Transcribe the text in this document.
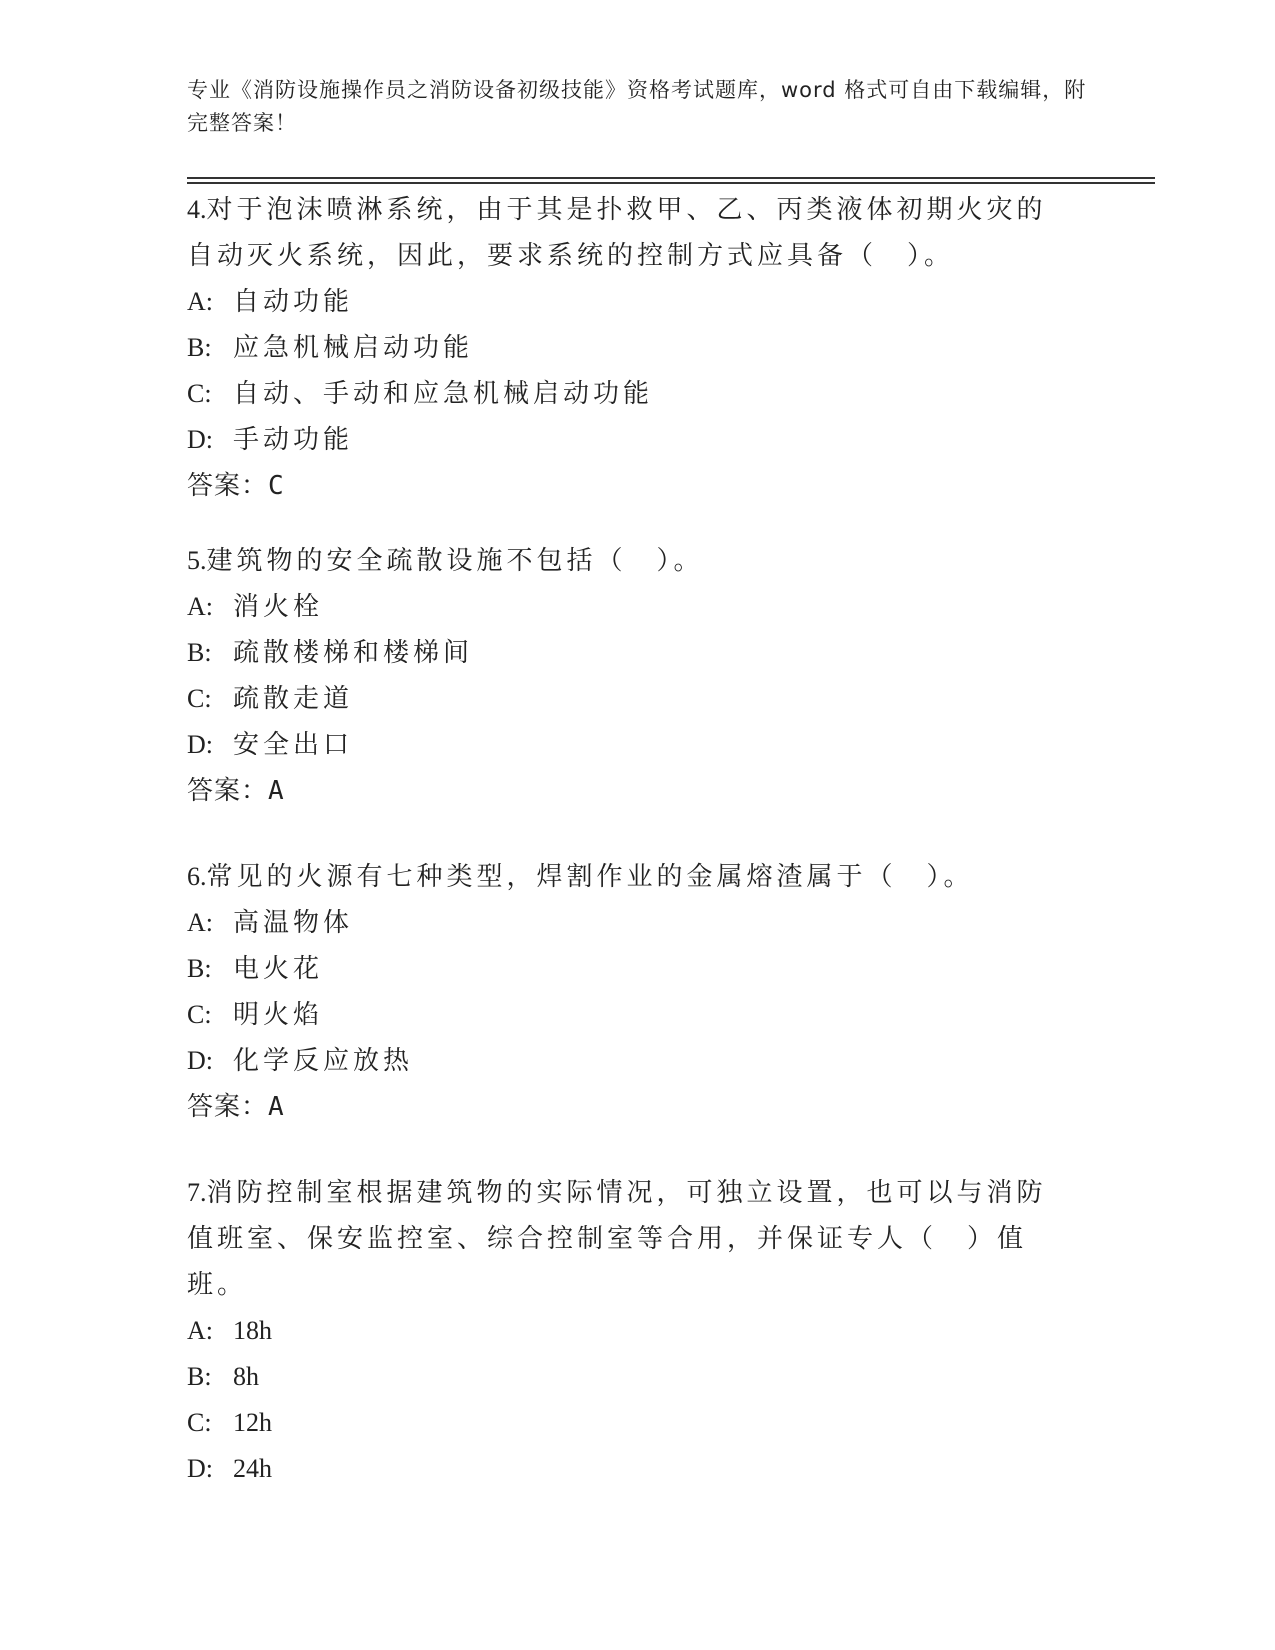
专业《消防设施操作员之消防设备初级技能》资格考试题库，word 格式可自由下载编辑，附完整答案！

4.对于泡沫喷淋系统，由于其是扑救甲、乙、丙类液体初期火灾的自动灭火系统，因此，要求系统的控制方式应具备（　）。

A: 自动功能

B: 应急机械启动功能

C: 自动、手动和应急机械启动功能

D: 手动功能

答案：C

5.建筑物的安全疏散设施不包括（　）。

A: 消火栓

B: 疏散楼梯和楼梯间

C: 疏散走道

D: 安全出口

答案：A

6.常见的火源有七种类型，焊割作业的金属熔渣属于（　）。

A: 高温物体

B: 电火花

C: 明火焰

D: 化学反应放热

答案：A

7.消防控制室根据建筑物的实际情况，可独立设置，也可以与消防值班室、保安监控室、综合控制室等合用，并保证专人（　）值班。

A: 18h

B: 8h

C: 12h

D: 24h
